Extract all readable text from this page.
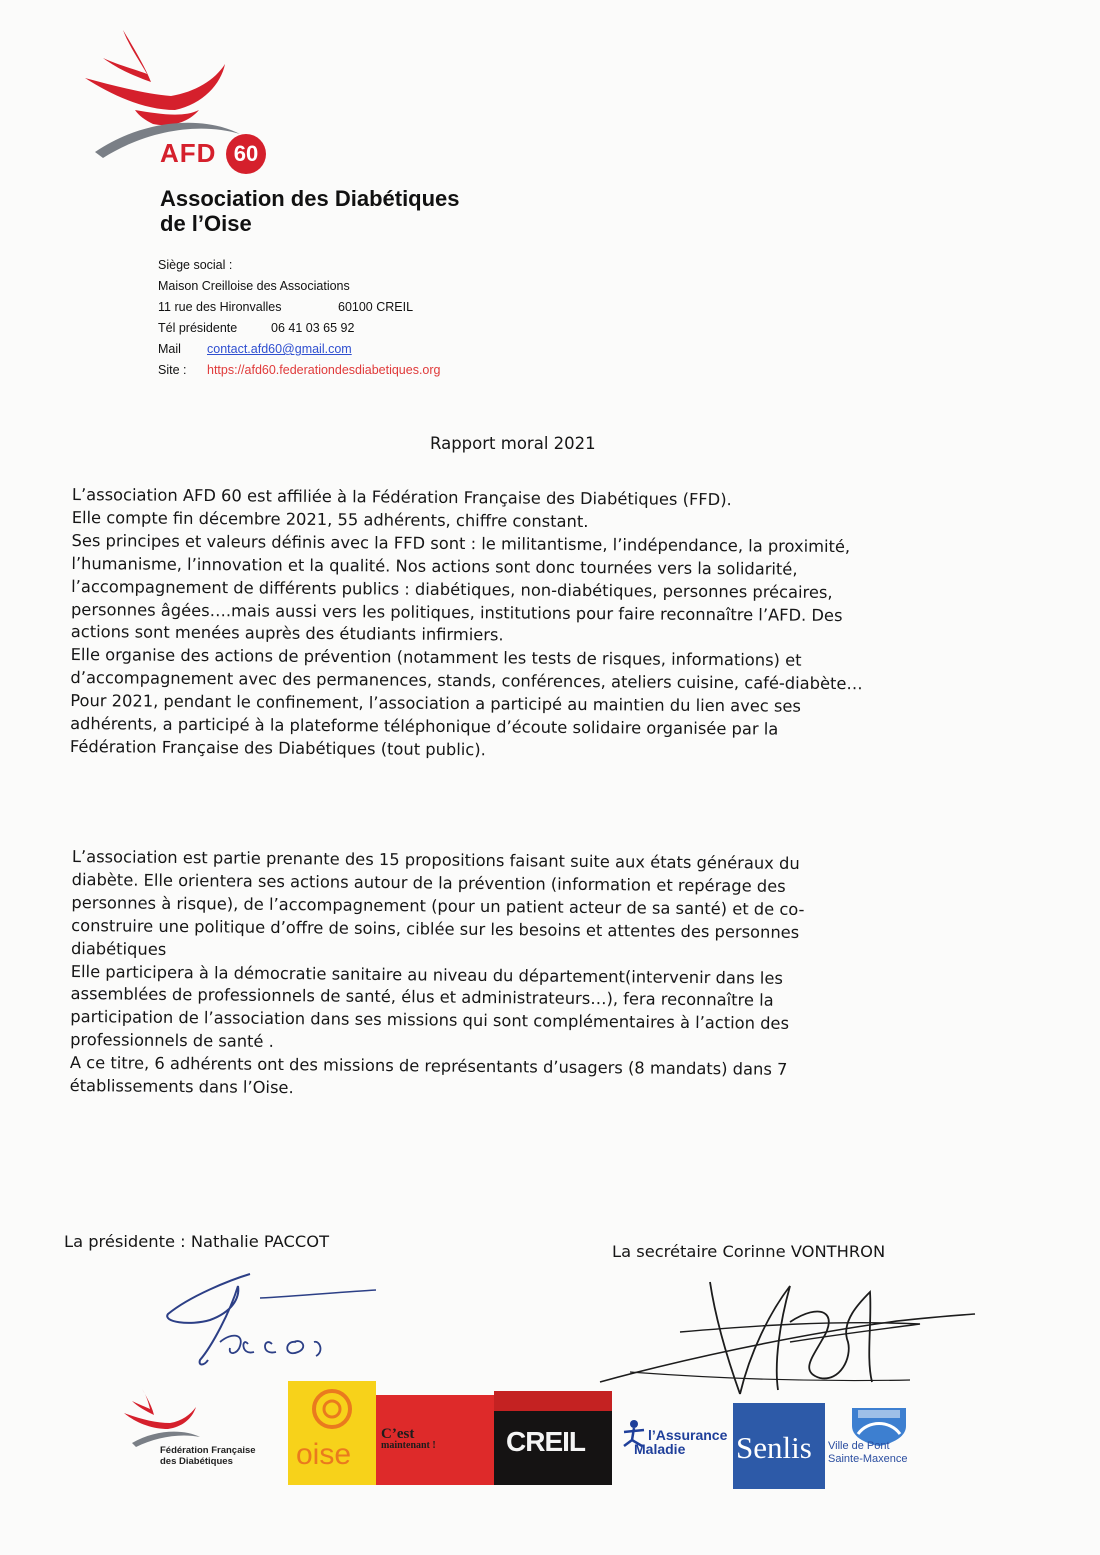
AFD 60
Association des Diabétiques
de l’Oise
Siège social :
Maison Creilloise des Associations
11 rue des Hironvalles	60100 CREIL
Tél présidente	06 41 03 65 92
Mail contact.afd60@gmail.com
Site : https://afd60.federationdesdiabetiques.org
Rapport moral 2021

L’association AFD 60 est affiliée à la Fédération Française des Diabétiques (FFD).

Elle compte fin décembre 2021, 55 adhérents, chiffre constant.

Ses principes et valeurs définis avec la FFD sont : le militantisme, l’indépendance, la proximité,

l’humanisme, l’innovation et la qualité. Nos actions sont donc tournées vers la solidarité,

l’accompagnement de différents publics : diabétiques, non-diabétiques, personnes précaires,

personnes âgées….mais aussi vers les politiques, institutions pour faire reconnaître l’AFD. Des

actions sont menées auprès des étudiants infirmiers.

Elle organise des actions de prévention (notamment les tests de risques, informations) et

d’accompagnement avec des permanences, stands, conférences, ateliers cuisine, café-diabète…

Pour 2021, pendant le confinement, l’association a participé au maintien du lien avec ses

adhérents, a participé à la plateforme téléphonique d’écoute solidaire organisée par la

Fédération Française des Diabétiques (tout public).

L’association est partie prenante des 15 propositions faisant suite aux états généraux du

diabète. Elle orientera ses actions autour de la prévention (information et repérage des

personnes à risque), de l’accompagnement (pour un patient acteur de sa santé) et de co-

construire une politique d’offre de soins, ciblée sur les besoins et attentes des personnes

diabétiques

Elle participera à la démocratie sanitaire au niveau du département(intervenir dans les

assemblées de professionnels de santé, élus et administrateurs…), fera reconnaître la

participation de l’association dans ses missions qui sont complémentaires à l’action des

professionnels de santé .

A ce titre, 6 adhérents ont des missions de représentants d’usagers (8 mandats) dans 7

établissements dans l’Oise.

La présidente : Nathalie PACCOT
La secrétaire Corinne VONTHRON
Fédération Française
des Diabétiques	oise
C’est
maintenant !	CREIL	l’Assurance
Maladie	Senlis Ville de Pont
Sainte-Maxence
